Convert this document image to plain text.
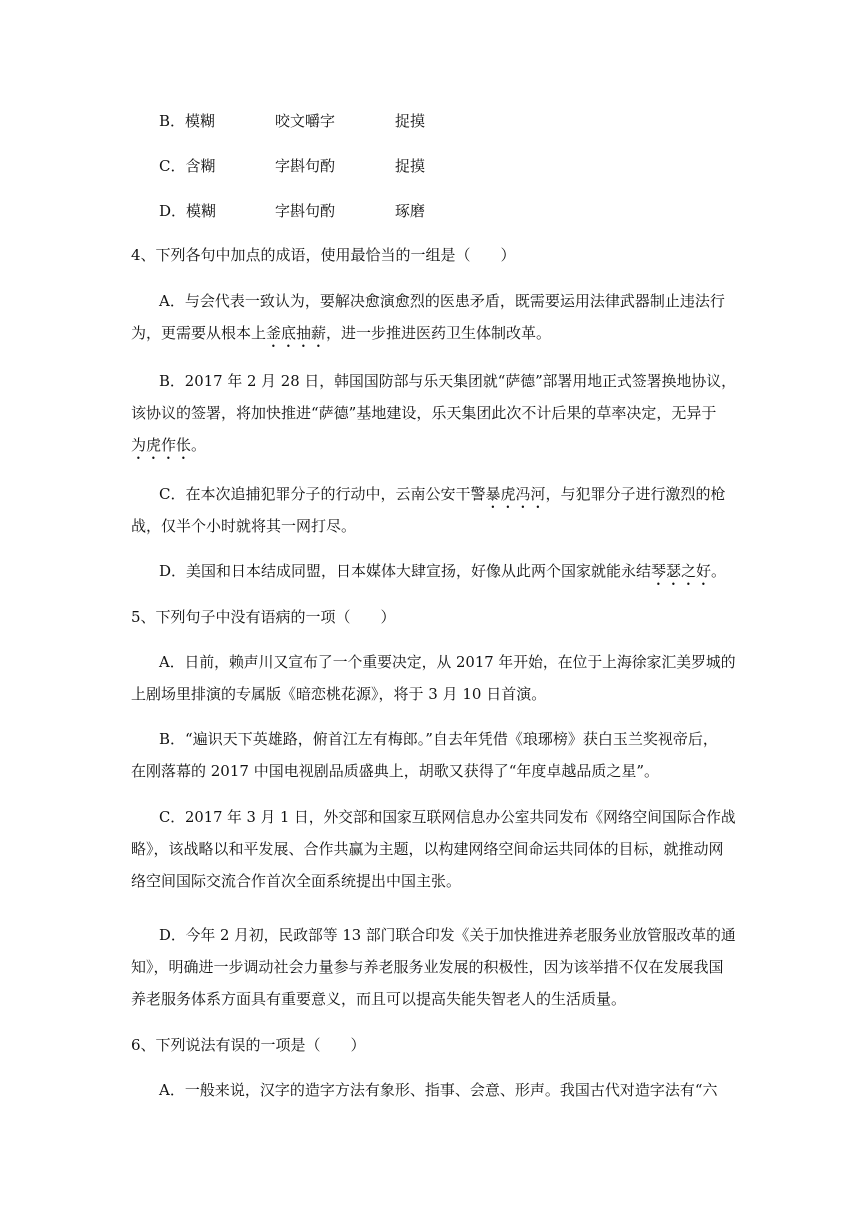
B．模糊	咬文嚼字	捉摸
C．含糊	字斟句酌	捉摸
D．模糊	字斟句酌	琢磨
4、下列各句中加点的成语，使用最恰当的一组是（　　）
A．与会代表一致认为，要解决愈演愈烈的医患矛盾，既需要运用法律武器制止违法行
为，更需要从根本上釜底抽薪，进一步推进医药卫生体制改革。
B．2017 年 2 月 28 日，韩国国防部与乐天集团就“萨德”部署用地正式签署换地协议，
该协议的签署，将加快推进“萨德”基地建设，乐天集团此次不计后果的草率决定，无异于
为虎作伥。
C．在本次追捕犯罪分子的行动中，云南公安干警暴虎冯河，与犯罪分子进行激烈的枪
战，仅半个小时就将其一网打尽。
D．美国和日本结成同盟，日本媒体大肆宣扬，好像从此两个国家就能永结琴瑟之好。
5、下列句子中没有语病的一项（　　）
A．日前，赖声川又宣布了一个重要决定，从 2017 年开始，在位于上海徐家汇美罗城的
上剧场里排演的专属版《暗恋桃花源》，将于 3 月 10 日首演。
B．“遍识天下英雄路，俯首江左有梅郎。”自去年凭借《琅琊榜》获白玉兰奖视帝后，
在刚落幕的 2017 中国电视剧品质盛典上，胡歌又获得了“年度卓越品质之星”。
C．2017 年 3 月 1 日，外交部和国家互联网信息办公室共同发布《网络空间国际合作战
略》，该战略以和平发展、合作共赢为主题，以构建网络空间命运共同体的目标，就推动网
络空间国际交流合作首次全面系统提出中国主张。
D．今年 2 月初，民政部等 13 部门联合印发《关于加快推进养老服务业放管服改革的通
知》，明确进一步调动社会力量参与养老服务业发展的积极性，因为该举措不仅在发展我国
养老服务体系方面具有重要意义，而且可以提高失能失智老人的生活质量。
6、下列说法有误的一项是（　　）
A．一般来说，汉字的造字方法有象形、指事、会意、形声。我国古代对造字法有“六
